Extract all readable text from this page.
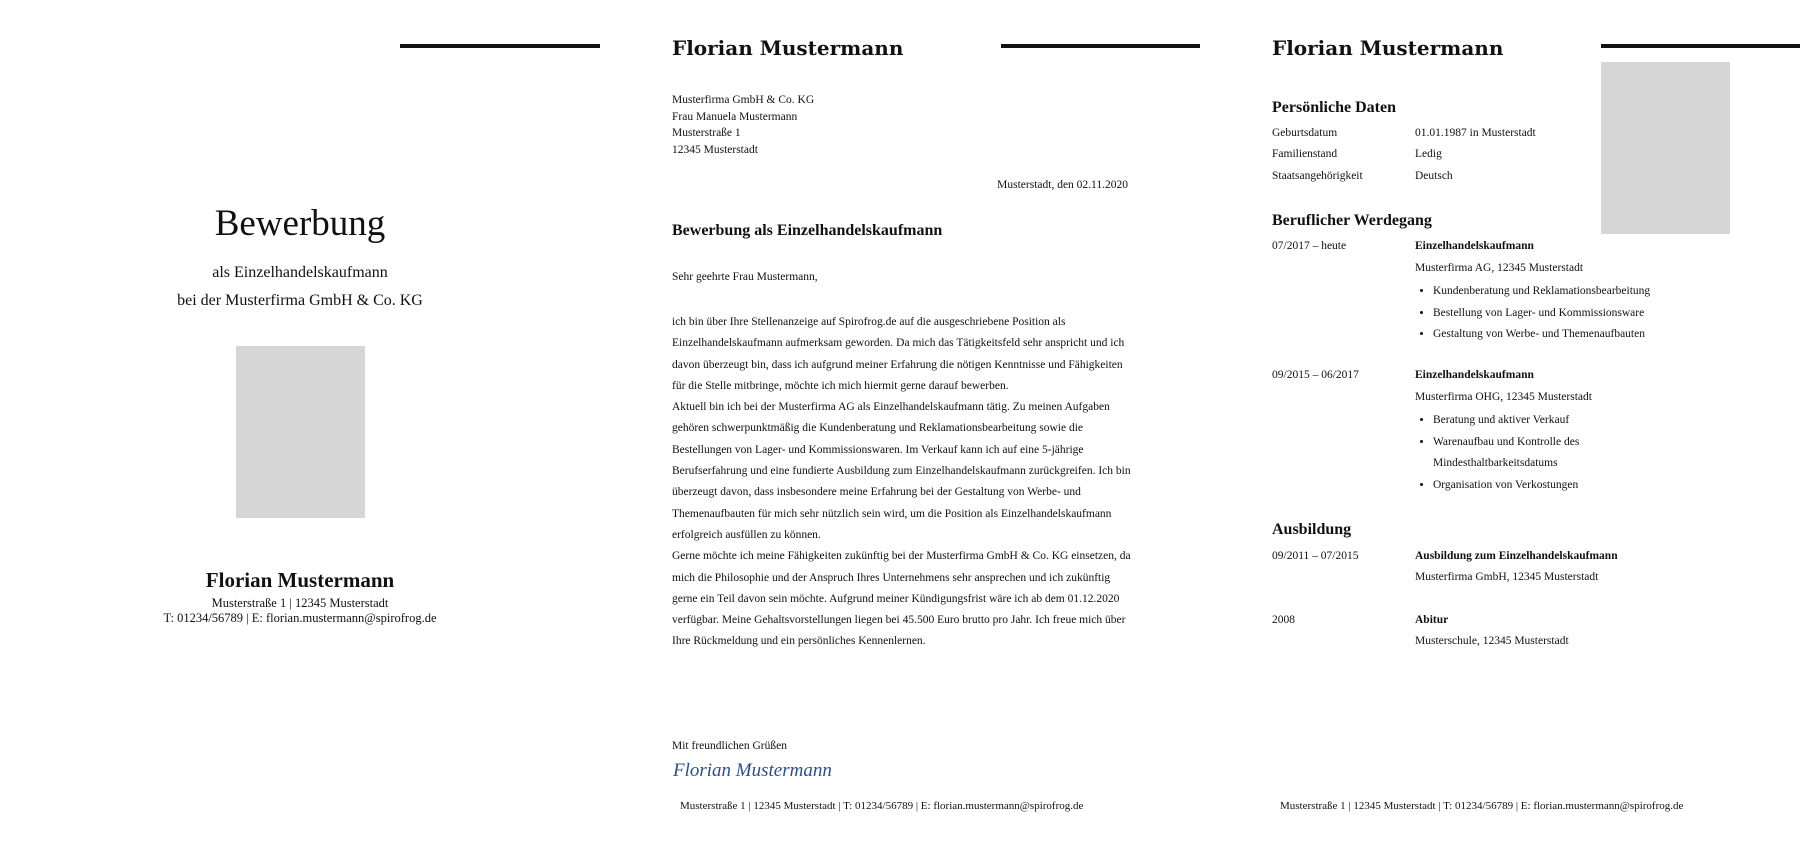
Bewerbung
als Einzelhandelskaufmann
bei der Musterfirma GmbH & Co. KG
Florian Mustermann
Musterstraße 1 | 12345 Musterstadt
T: 01234/56789 | E: florian.mustermann@spirofrog.de
Florian Mustermann
Musterfirma GmbH & Co. KG
Frau Manuela Mustermann
Musterstraße 1
12345 Musterstadt
Musterstadt, den 02.11.2020
Bewerbung als Einzelhandelskaufmann
Sehr geehrte Frau Mustermann,

ich bin über Ihre Stellenanzeige auf Spirofrog.de auf die ausgeschriebene Position als Einzelhandelskaufmann aufmerksam geworden. Da mich das Tätigkeitsfeld sehr anspricht und ich davon überzeugt bin, dass ich aufgrund meiner Erfahrung die nötigen Kenntnisse und Fähigkeiten für die Stelle mitbringe, möchte ich mich hiermit gerne darauf bewerben.

Aktuell bin ich bei der Musterfirma AG als Einzelhandelskaufmann tätig. Zu meinen Aufgaben gehören schwerpunktmäßig die Kundenberatung und Reklamationsbearbeitung sowie die Bestellungen von Lager- und Kommissionswaren. Im Verkauf kann ich auf eine 5-jährige Berufserfahrung und eine fundierte Ausbildung zum Einzelhandelskaufmann zurückgreifen. Ich bin überzeugt davon, dass insbesondere meine Erfahrung bei der Gestaltung von Werbe- und Themenaufbauten für mich sehr nützlich sein wird, um die Position als Einzelhandelskaufmann erfolgreich ausfüllen zu können.

Gerne möchte ich meine Fähigkeiten zukünftig bei der Musterfirma GmbH & Co. KG einsetzen, da mich die Philosophie und der Anspruch Ihres Unternehmens sehr ansprechen und ich zukünftig gerne ein Teil davon sein möchte. Aufgrund meiner Kündigungsfrist wäre ich ab dem 01.12.2020 verfügbar. Meine Gehaltsvorstellungen liegen bei 45.500 Euro brutto pro Jahr. Ich freue mich über Ihre Rückmeldung und ein persönliches Kennenlernen.

Mit freundlichen Grüßen
Florian Mustermann
Musterstraße 1 | 12345 Musterstadt | T: 01234/56789 | E: florian.mustermann@spirofrog.de
Florian Mustermann
Persönliche Daten
Geburtsdatum	01.01.1987 in Musterstadt
Familienstand	Ledig
Staatsangehörigkeit	Deutsch
Beruflicher Werdegang
07/2017 – heute	Einzelhandelskaufmann
Musterfirma AG, 12345 Musterstadt
• Kundenberatung und Reklamationsbearbeitung
• Bestellung von Lager- und Kommissionsware
• Gestaltung von Werbe- und Themenaufbauten
09/2015 – 06/2017	Einzelhandelskaufmann
Musterfirma OHG, 12345 Musterstadt
• Beratung und aktiver Verkauf
• Warenaufbau und Kontrolle des Mindesthaltbarkeitsdatums
• Organisation von Verkostungen
Ausbildung
09/2011 – 07/2015	Ausbildung zum Einzelhandelskaufmann
Musterfirma GmbH, 12345 Musterstadt
2008	Abitur
Musterschule, 12345 Musterstadt
Musterstraße 1 | 12345 Musterstadt | T: 01234/56789 | E: florian.mustermann@spirofrog.de
